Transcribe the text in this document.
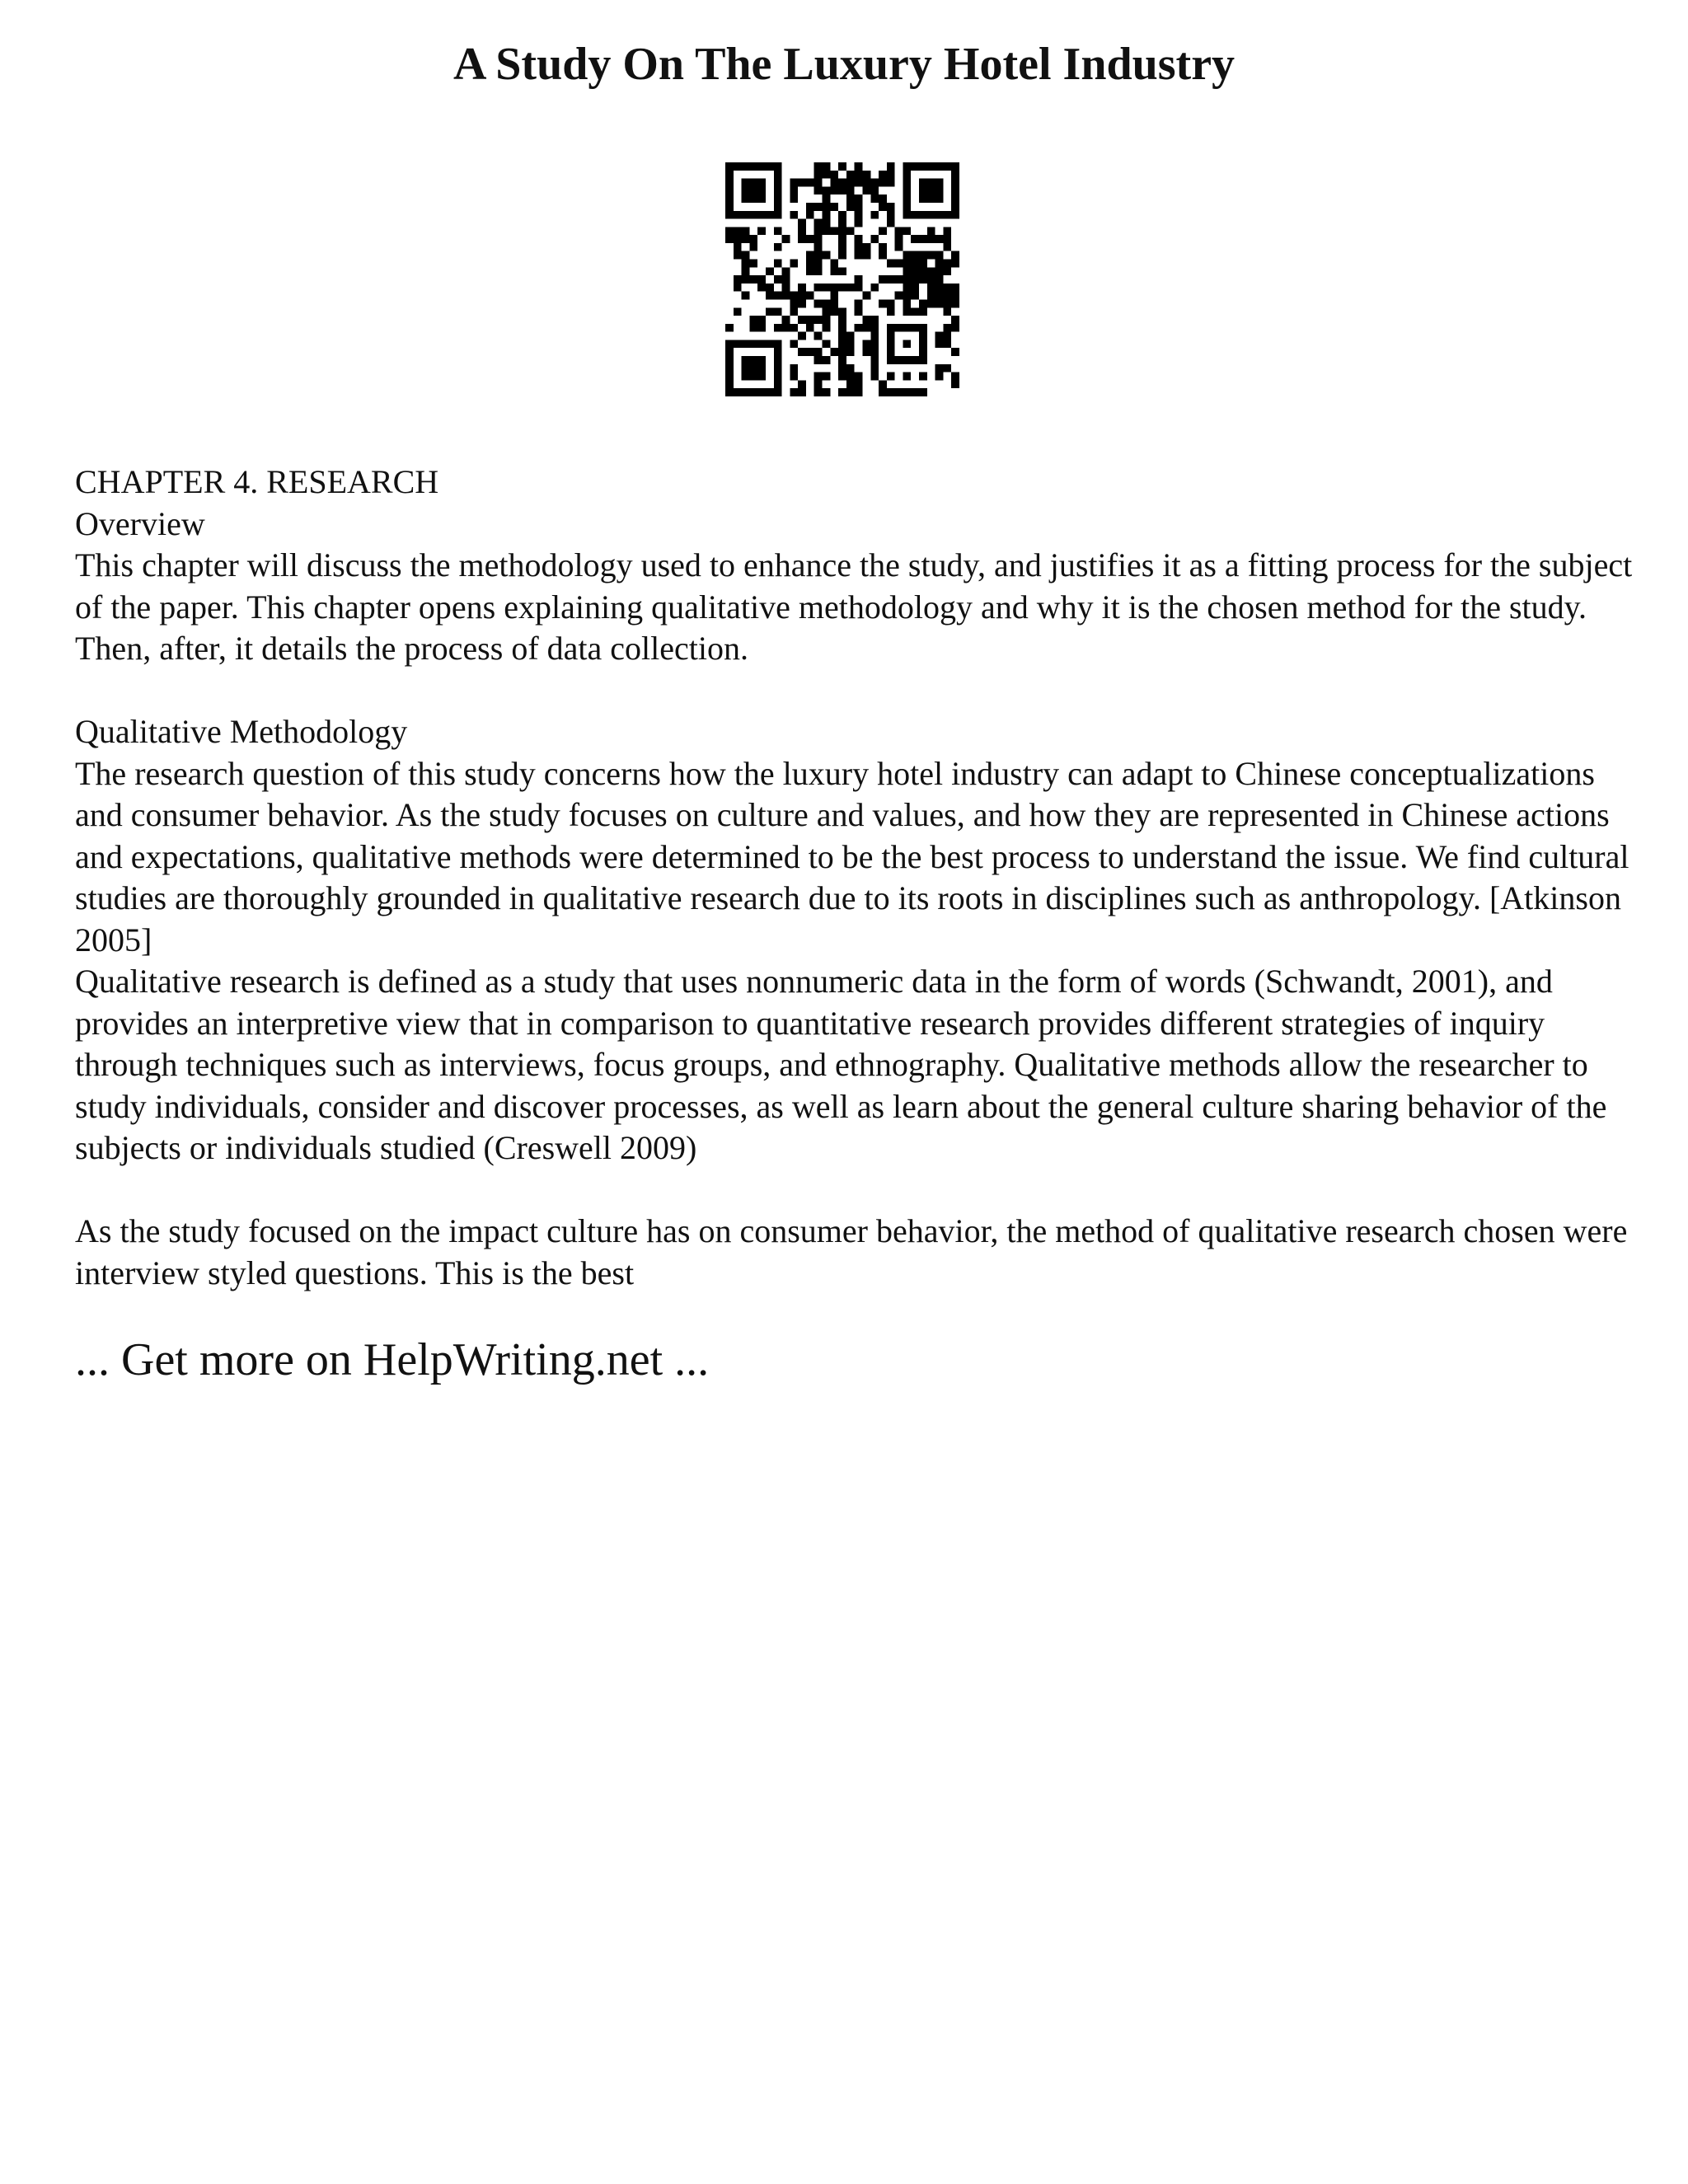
A Study On The Luxury Hotel Industry

CHAPTER 4. RESEARCH

Overview

This chapter will discuss the methodology used to enhance the study, and justifies it as a fitting process for the subject of the paper. This chapter opens explaining qualitative methodology and why it is the chosen method for the study. Then, after, it details the process of data collection.

Qualitative Methodology

The research question of this study concerns how the luxury hotel industry can adapt to Chinese conceptualizations and consumer behavior. As the study focuses on culture and values, and how they are represented in Chinese actions and expectations, qualitative methods were determined to be the best process to understand the issue. We find cultural studies are thoroughly grounded in qualitative research due to its roots in disciplines such as anthropology. [Atkinson 2005]

Qualitative research is defined as a study that uses nonnumeric data in the form of words (Schwandt, 2001), and provides an interpretive view that in comparison to quantitative research provides different strategies of inquiry through techniques such as interviews, focus groups, and ethnography. Qualitative methods allow the researcher to study individuals, consider and discover processes, as well as learn about the general culture sharing behavior of the subjects or individuals studied (Creswell 2009)

As the study focused on the impact culture has on consumer behavior, the method of qualitative research chosen were interview styled questions. This is the best

... Get more on HelpWriting.net ...
